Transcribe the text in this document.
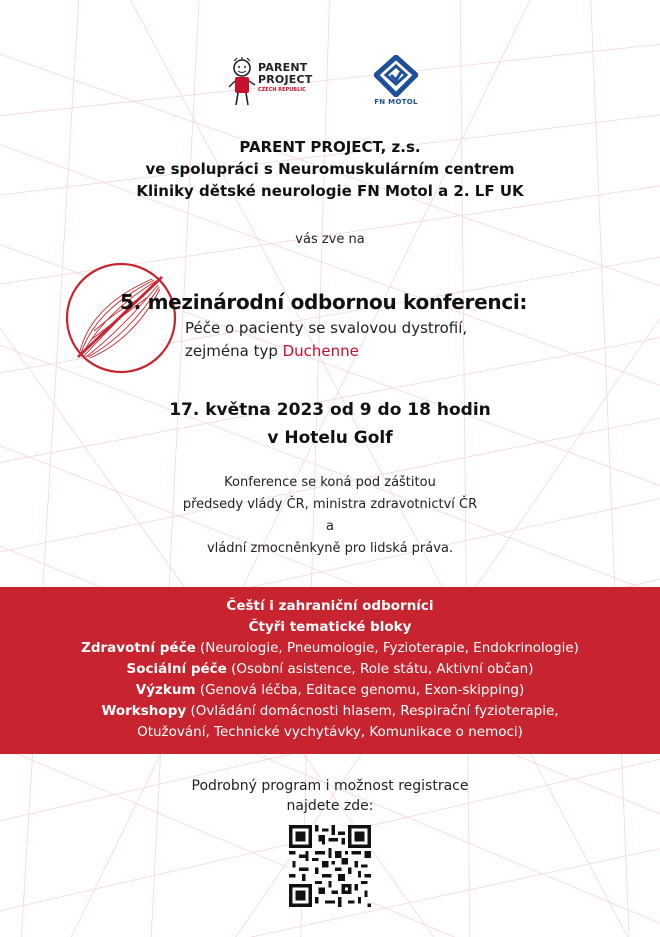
PARENT
PROJECT
CZECH REPUBLIC
FN MOTOL
PARENT PROJECT, z.s.
ve spolupráci s Neuromuskulárním centrem
Kliniky dětské neurologie FN Motol a 2. LF UK
vás zve na
5. mezinárodní odbornou konferenci:
Péče o pacienty se svalovou dystrofií,
zejména typ Duchenne
17. května 2023 od 9 do 18 hodin
v Hotelu Golf
Konference se koná pod záštitou
předsedy vlády ČR, ministra zdravotnictví ČR
a
vládní zmocněnkyně pro lidská práva.
Čeští i zahraniční odborníci
Čtyři tematické bloky
Zdravotní péče (Neurologie, Pneumologie, Fyzioterapie, Endokrinologie)
Sociální péče (Osobní asistence, Role státu, Aktivní občan)
Výzkum (Genová léčba, Editace genomu, Exon-skipping)
Workshopy (Ovládání domácnosti hlasem, Respirační fyzioterapie,
Otužování, Technické vychytávky, Komunikace o nemoci)
Podrobný program i možnost registrace
najdete zde:
